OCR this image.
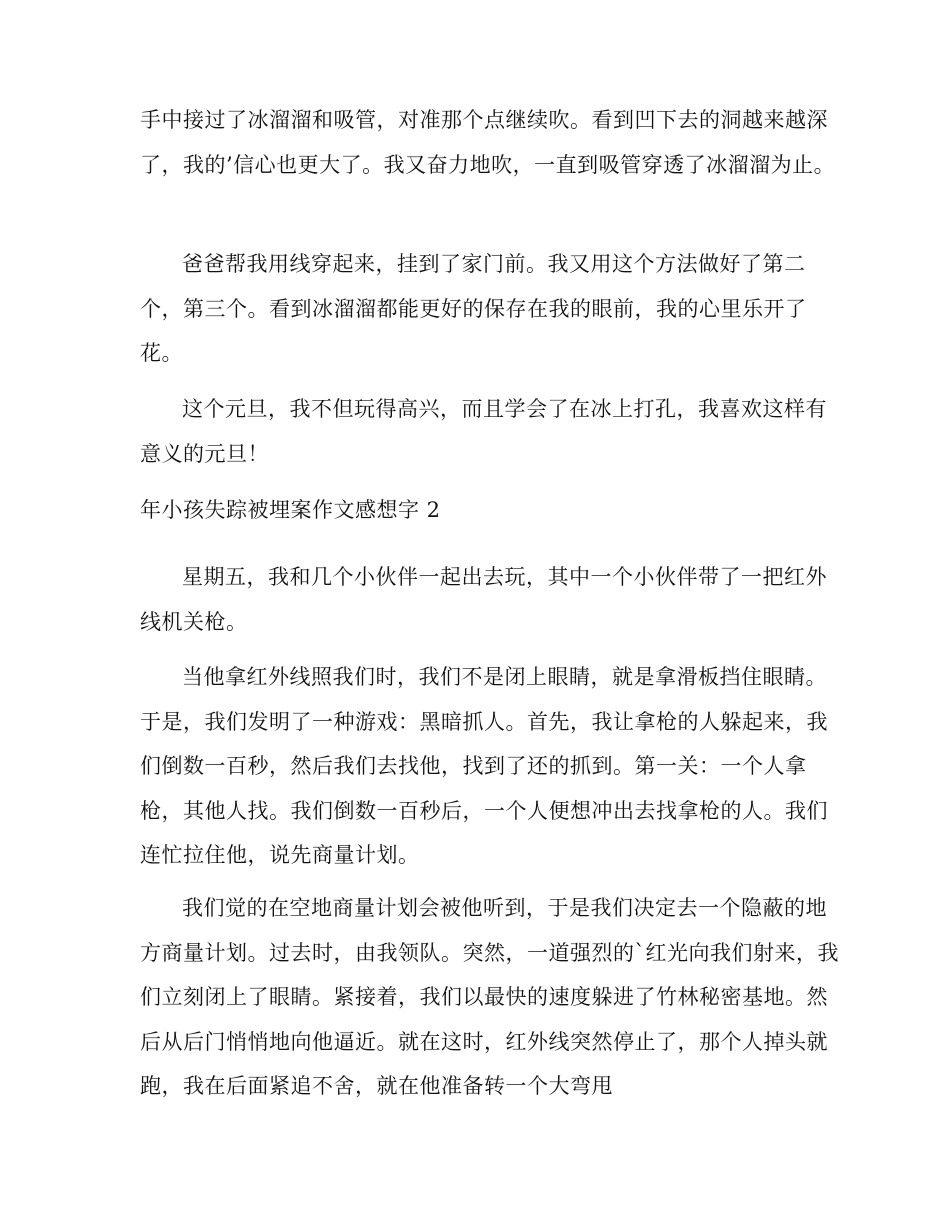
手中接过了冰溜溜和吸管，对准那个点继续吹。看到凹下去的洞越来越深了，我的’信心也更大了。我又奋力地吹，一直到吸管穿透了冰溜溜为止。

爸爸帮我用线穿起来，挂到了家门前。我又用这个方法做好了第二个，第三个。看到冰溜溜都能更好的保存在我的眼前，我的心里乐开了花。

这个元旦，我不但玩得高兴，而且学会了在冰上打孔，我喜欢这样有意义的元旦！

年小孩失踪被埋案作文感想字 2

星期五，我和几个小伙伴一起出去玩，其中一个小伙伴带了一把红外线机关枪。

当他拿红外线照我们时，我们不是闭上眼睛，就是拿滑板挡住眼睛。于是，我们发明了一种游戏：黑暗抓人。首先，我让拿枪的人躲起来，我们倒数一百秒，然后我们去找他，找到了还的抓到。第一关：一个人拿枪，其他人找。我们倒数一百秒后，一个人便想冲出去找拿枪的人。我们连忙拉住他，说先商量计划。

我们觉的在空地商量计划会被他听到，于是我们决定去一个隐蔽的地方商量计划。过去时，由我领队。突然，一道强烈的`红光向我们射来，我们立刻闭上了眼睛。紧接着，我们以最快的速度躲进了竹林秘密基地。然后从后门悄悄地向他逼近。就在这时，红外线突然停止了，那个人掉头就跑，我在后面紧追不舍，就在他准备转一个大弯甩
